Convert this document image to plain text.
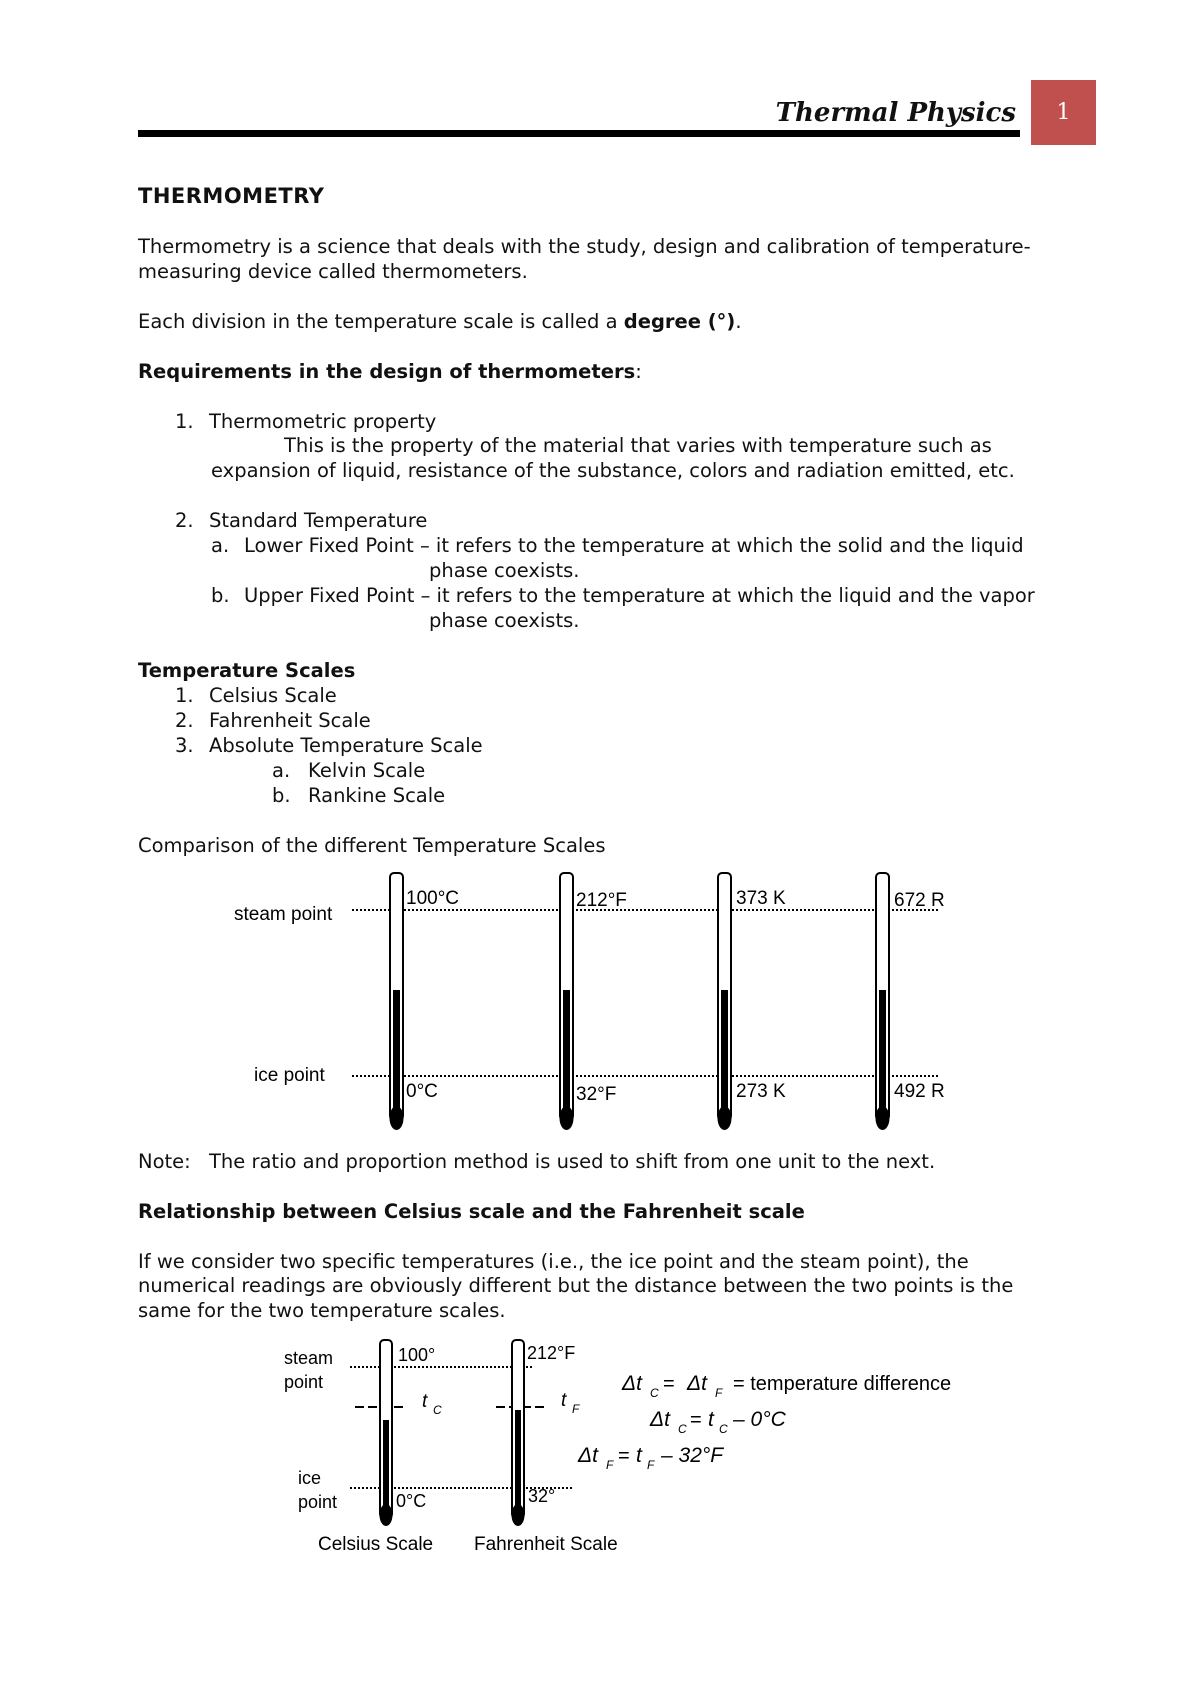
Thermal Physics	1
THERMOMETRY
Thermometry is a science that deals with the study, design and calibration of temperature-
measuring device called thermometers.
Each division in the temperature scale is called a degree (°).
Requirements in the design of thermometers:
1. Thermometric property
This is the property of the material that varies with temperature such as
expansion of liquid, resistance of the substance, colors and radiation emitted, etc.
2. Standard Temperature
a. Lower Fixed Point – it refers to the temperature at which the solid and the liquid
phase coexists.
b. Upper Fixed Point – it refers to the temperature at which the liquid and the vapor
phase coexists.
Temperature Scales
1. Celsius Scale
2. Fahrenheit Scale
3. Absolute Temperature Scale
a. Kelvin Scale
b. Rankine Scale
Comparison of the different Temperature Scales
steam point
ice point
100°C
0°C
212°F
32°F
373 K
273 K
672 R
492 R
steam
point
ice
point
100°
0°C
212°F
32°
t C	t F
Celsius Scale Fahrenheit Scale
Δt C = Δt F = temperature difference
Δt C = t C – 0°C
Δt F = t F – 32°F
Note: The ratio and proportion method is used to shift from one unit to the next.
Relationship between Celsius scale and the Fahrenheit scale
If we consider two specific temperatures (i.e., the ice point and the steam point), the
numerical readings are obviously different but the distance between the two points is the
same for the two temperature scales.
